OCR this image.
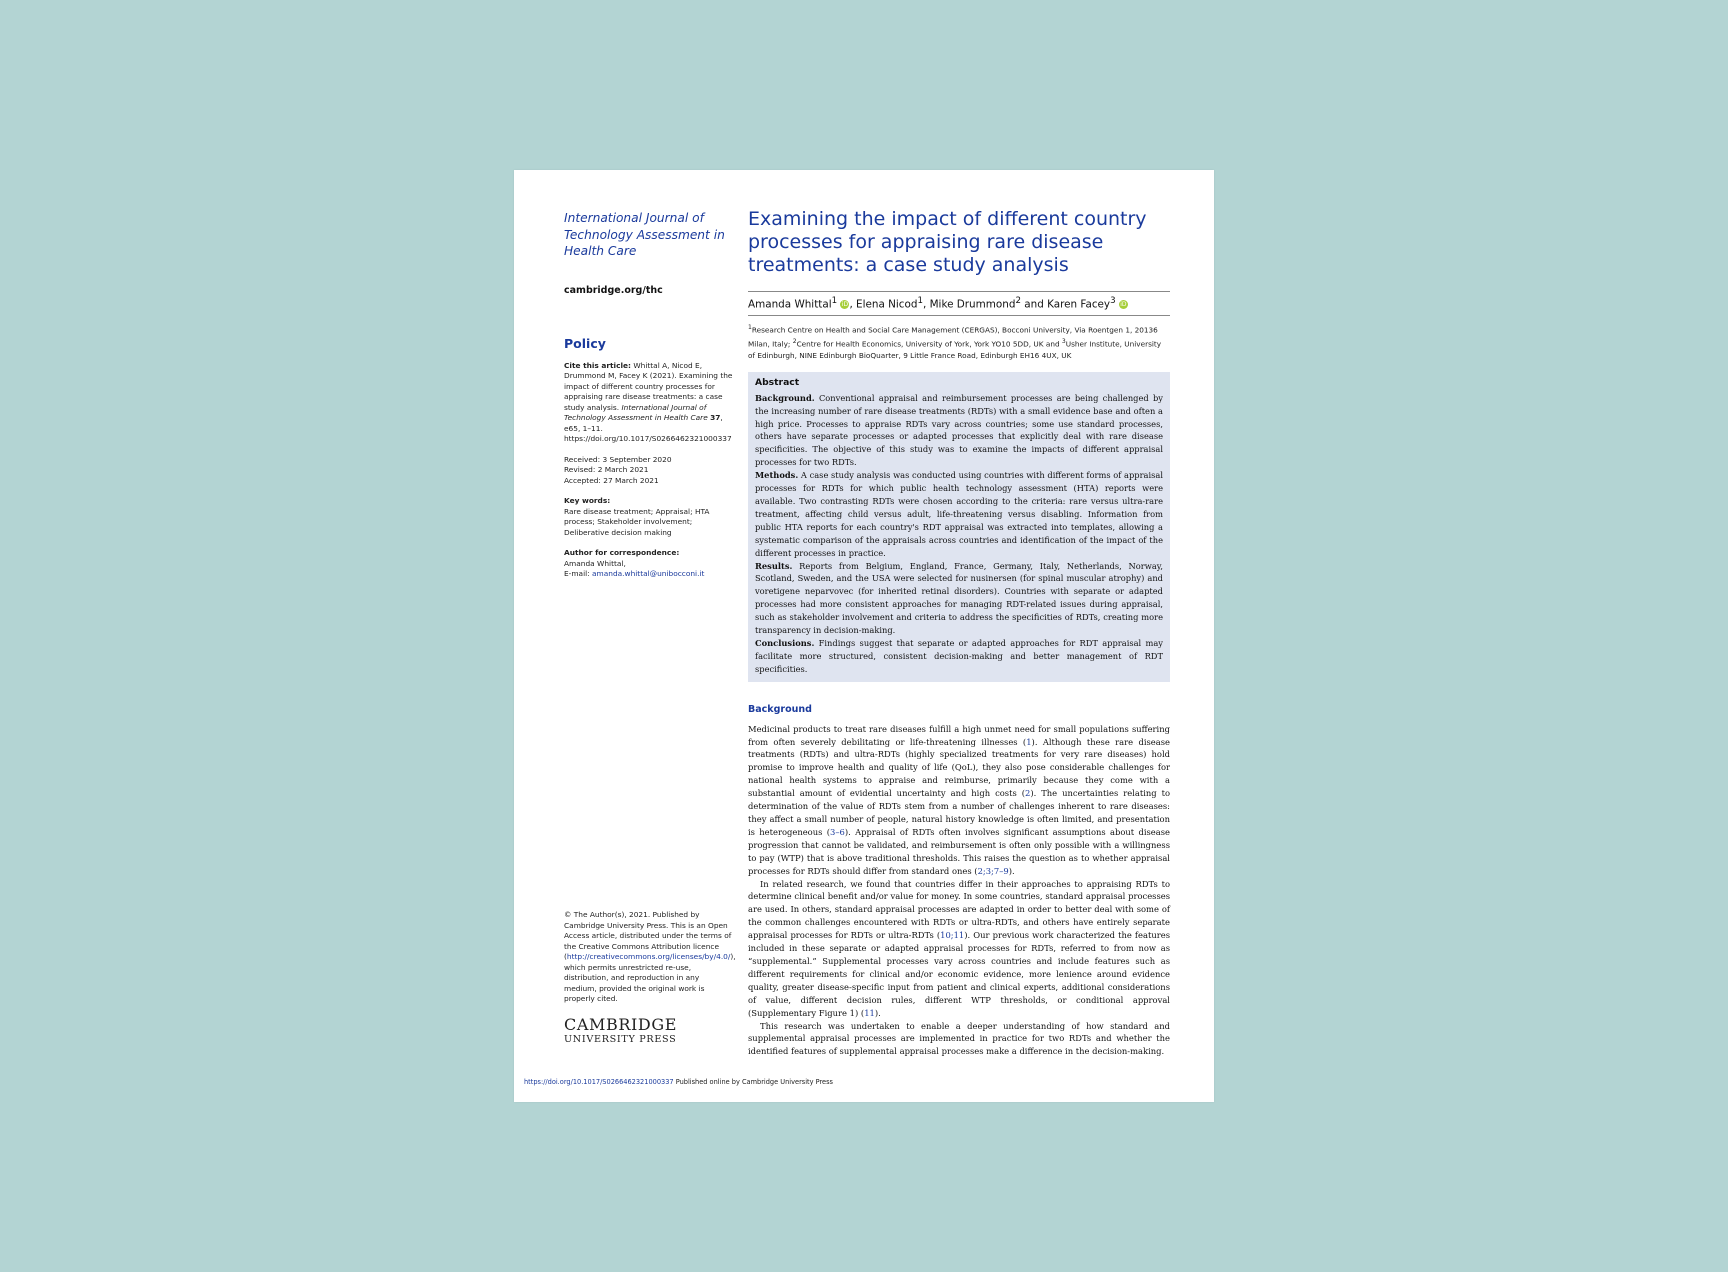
International Journal of Technology Assessment in Health Care

cambridge.org/thc
Policy

Cite this article: Whittal A, Nicod E, Drummond M, Facey K (2021). Examining the impact of different country processes for appraising rare disease treatments: a case study analysis. International Journal of Technology Assessment in Health Care 37, e65, 1–11. https://doi.org/10.1017/S0266462321000337

Received: 3 September 2020
Revised: 2 March 2021
Accepted: 27 March 2021

Key words:
Rare disease treatment; Appraisal; HTA process; Stakeholder involvement; Deliberative decision making

Author for correspondence:
Amanda Whittal,
E-mail: amanda.whittal@unibocconi.it

© The Author(s), 2021. Published by Cambridge University Press. This is an Open Access article, distributed under the terms of the Creative Commons Attribution licence (http://creativecommons.org/licenses/by/4.0/), which permits unrestricted re-use, distribution, and reproduction in any medium, provided the original work is properly cited.
CAMBRIDGE
UNIVERSITY PRESS
Examining the impact of different country processes for appraising rare disease treatments: a case study analysis
Amanda Whittal$^1$ iD, Elena Nicod$^1$, Mike Drummond$^2$ and Karen Facey$^3$ iD
$^1$Research Centre on Health and Social Care Management (CERGAS), Bocconi University, Via Roentgen 1, 20136 Milan, Italy; $^2$Centre for Health Economics, University of York, York YO10 5DD, UK and $^3$Usher Institute, University of Edinburgh, NINE Edinburgh BioQuarter, 9 Little France Road, Edinburgh EH16 4UX, UK
Abstract

Background. Conventional appraisal and reimbursement processes are being challenged by the increasing number of rare disease treatments (RDTs) with a small evidence base and often a high price. Processes to appraise RDTs vary across countries; some use standard processes, others have separate processes or adapted processes that explicitly deal with rare disease specificities. The objective of this study was to examine the impacts of different appraisal processes for two RDTs.

Methods. A case study analysis was conducted using countries with different forms of appraisal processes for RDTs for which public health technology assessment (HTA) reports were available. Two contrasting RDTs were chosen according to the criteria: rare versus ultra-rare treatment, affecting child versus adult, life-threatening versus disabling. Information from public HTA reports for each country's RDT appraisal was extracted into templates, allowing a systematic comparison of the appraisals across countries and identification of the impact of the different processes in practice.

Results. Reports from Belgium, England, France, Germany, Italy, Netherlands, Norway, Scotland, Sweden, and the USA were selected for nusinersen (for spinal muscular atrophy) and voretigene neparvovec (for inherited retinal disorders). Countries with separate or adapted processes had more consistent approaches for managing RDT-related issues during appraisal, such as stakeholder involvement and criteria to address the specificities of RDTs, creating more transparency in decision-making.

Conclusions. Findings suggest that separate or adapted approaches for RDT appraisal may facilitate more structured, consistent decision-making and better management of RDT specificities.

Background

Medicinal products to treat rare diseases fulfill a high unmet need for small populations suffering from often severely debilitating or life-threatening illnesses (1). Although these rare disease treatments (RDTs) and ultra-RDTs (highly specialized treatments for very rare diseases) hold promise to improve health and quality of life (QoL), they also pose considerable challenges for national health systems to appraise and reimburse, primarily because they come with a substantial amount of evidential uncertainty and high costs (2). The uncertainties relating to determination of the value of RDTs stem from a number of challenges inherent to rare diseases: they affect a small number of people, natural history knowledge is often limited, and presentation is heterogeneous (3–6). Appraisal of RDTs often involves significant assumptions about disease progression that cannot be validated, and reimbursement is often only possible with a willingness to pay (WTP) that is above traditional thresholds. This raises the question as to whether appraisal processes for RDTs should differ from standard ones (2;3;7–9).

In related research, we found that countries differ in their approaches to appraising RDTs to determine clinical benefit and/or value for money. In some countries, standard appraisal processes are used. In others, standard appraisal processes are adapted in order to better deal with some of the common challenges encountered with RDTs or ultra-RDTs, and others have entirely separate appraisal processes for RDTs or ultra-RDTs (10;11). Our previous work characterized the features included in these separate or adapted appraisal processes for RDTs, referred to from now as “supplemental.” Supplemental processes vary across countries and include features such as different requirements for clinical and/or economic evidence, more lenience around evidence quality, greater disease-specific input from patient and clinical experts, additional considerations of value, different decision rules, different WTP thresholds, or conditional approval (Supplementary Figure 1) (11).

This research was undertaken to enable a deeper understanding of how standard and supplemental appraisal processes are implemented in practice for two RDTs and whether the identified features of supplemental appraisal processes make a difference in the decision-making.

https://doi.org/10.1017/S0266462321000337 Published online by Cambridge University Press
